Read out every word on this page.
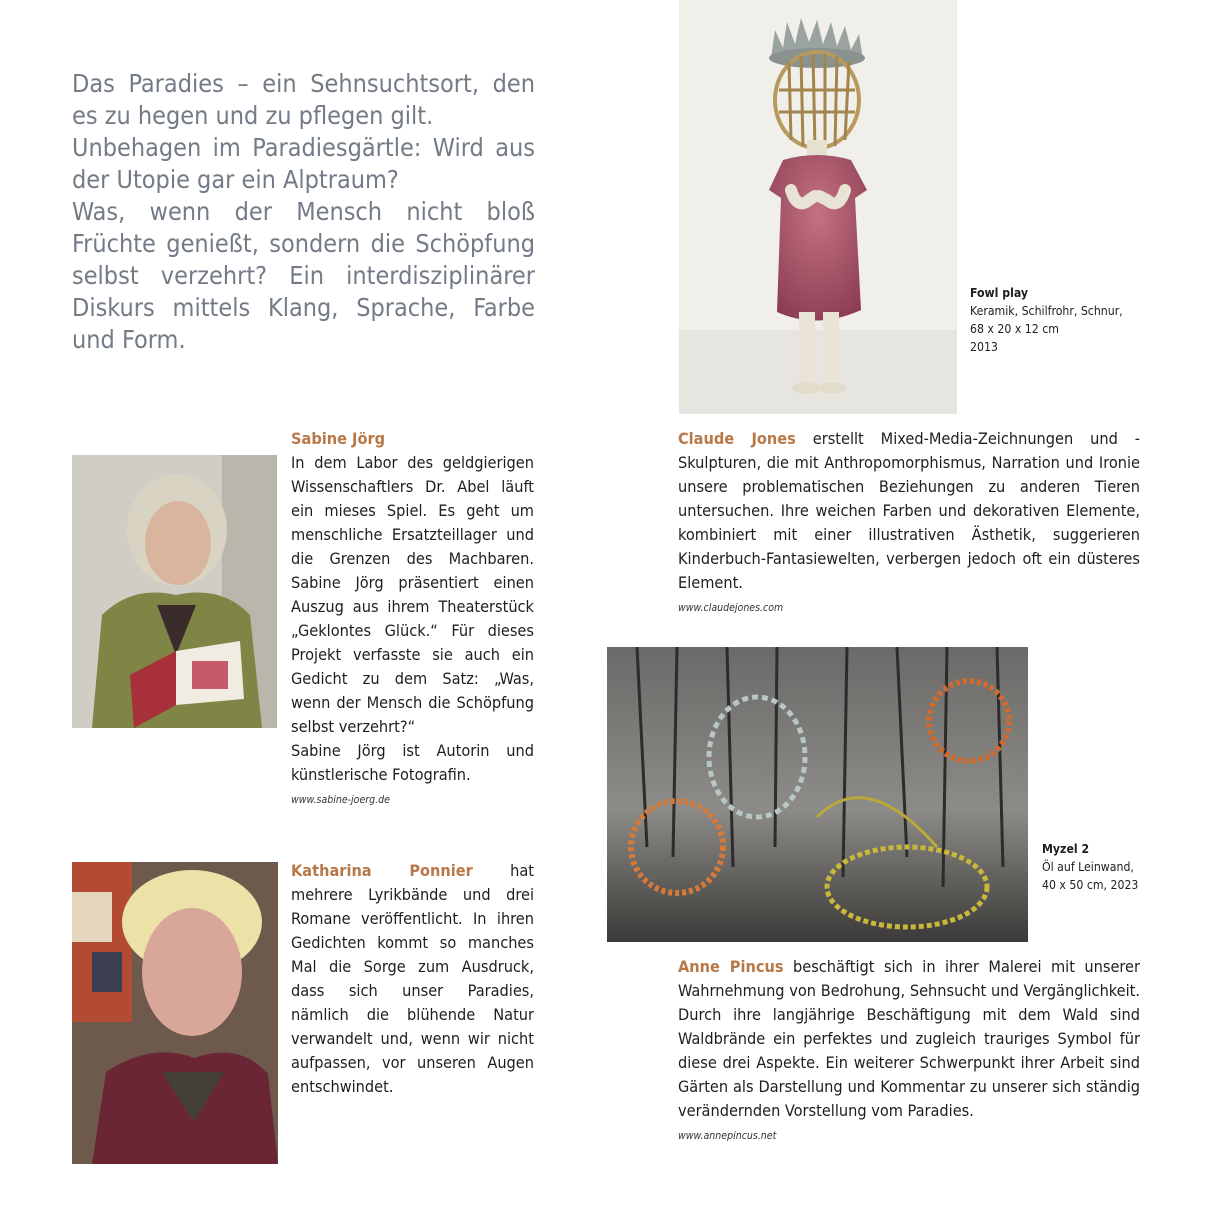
Das Paradies – ein Sehnsuchtsort, den es zu hegen und zu pflegen gilt.

Unbehagen im Paradiesgärtle: Wird aus der Utopie gar ein Alptraum?

Was, wenn der Mensch nicht bloß Früchte genießt, sondern die Schöpfung selbst verzehrt? Ein interdisziplinärer Diskurs mittels Klang, Sprache, Farbe und Form.

Fowl play
Keramik, Schilfrohr, Schnur,
68 x 20 x 12 cm
2013
Sabine Jörg
In dem Labor des geldgierigen Wissenschaftlers Dr. Abel läuft ein mieses Spiel. Es geht um menschliche Ersatzteillager und die Grenzen des Machbaren. Sabine Jörg präsentiert einen Auszug aus ihrem Theaterstück „Geklontes Glück.“ Für dieses Projekt verfasste sie auch ein Gedicht zu dem Satz: „Was, wenn der Mensch die Schöpfung selbst verzehrt?“
Sabine Jörg ist Autorin und künstlerische Fotografin.
www.sabine-joerg.de
Katharina Ponnier hat mehrere Lyrikbände und drei Romane veröffentlicht. In ihren Gedichten kommt so manches Mal die Sorge zum Ausdruck, dass sich unser Paradies, nämlich die blühende Natur verwandelt und, wenn wir nicht aufpassen, vor unseren Augen entschwindet.
Claude Jones erstellt Mixed-Media-Zeichnungen und -Skulpturen, die mit Anthropomorphismus, Narration und Ironie unsere problematischen Beziehungen zu anderen Tieren untersuchen. Ihre weichen Farben und dekorativen Elemente, kombiniert mit einer illustrativen Ästhetik, suggerieren Kinderbuch-Fantasiewelten, verbergen jedoch oft ein düsteres Element.
www.claudejones.com
Myzel 2
Öl auf Leinwand,
40 x 50 cm, 2023
Anne Pincus beschäftigt sich in ihrer Malerei mit unserer Wahrnehmung von Bedrohung, Sehnsucht und Vergänglichkeit. Durch ihre langjährige Beschäftigung mit dem Wald sind Waldbrände ein perfektes und zugleich trauriges Symbol für diese drei Aspekte. Ein weiterer Schwerpunkt ihrer Arbeit sind Gärten als Darstellung und Kommentar zu unserer sich ständig verändernden Vorstellung vom Paradies.
www.annepincus.net
